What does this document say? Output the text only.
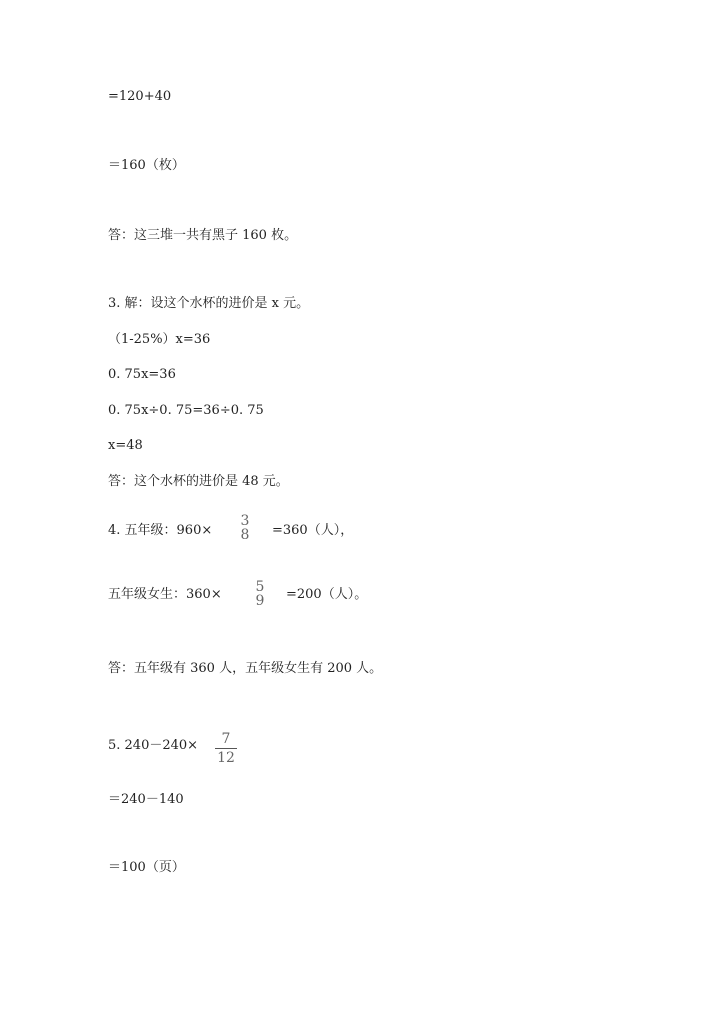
=120+40
＝160（枚）
答：这三堆一共有黑子 160 枚。
3. 解：设这个水杯的进价是 x 元。
（1-25%）x=36
0. 75x=36
0. 75x÷0. 75=36÷0. 75
x=48
答：这个水杯的进价是 48 元。
4. 五年级：960×
3
8	=360（人），
五年级女生：360×	5
9	=200（人）。
答：五年级有 360 人，五年级女生有 200 人。
5. 240－240×	7
12
＝240－140
＝100（页）
